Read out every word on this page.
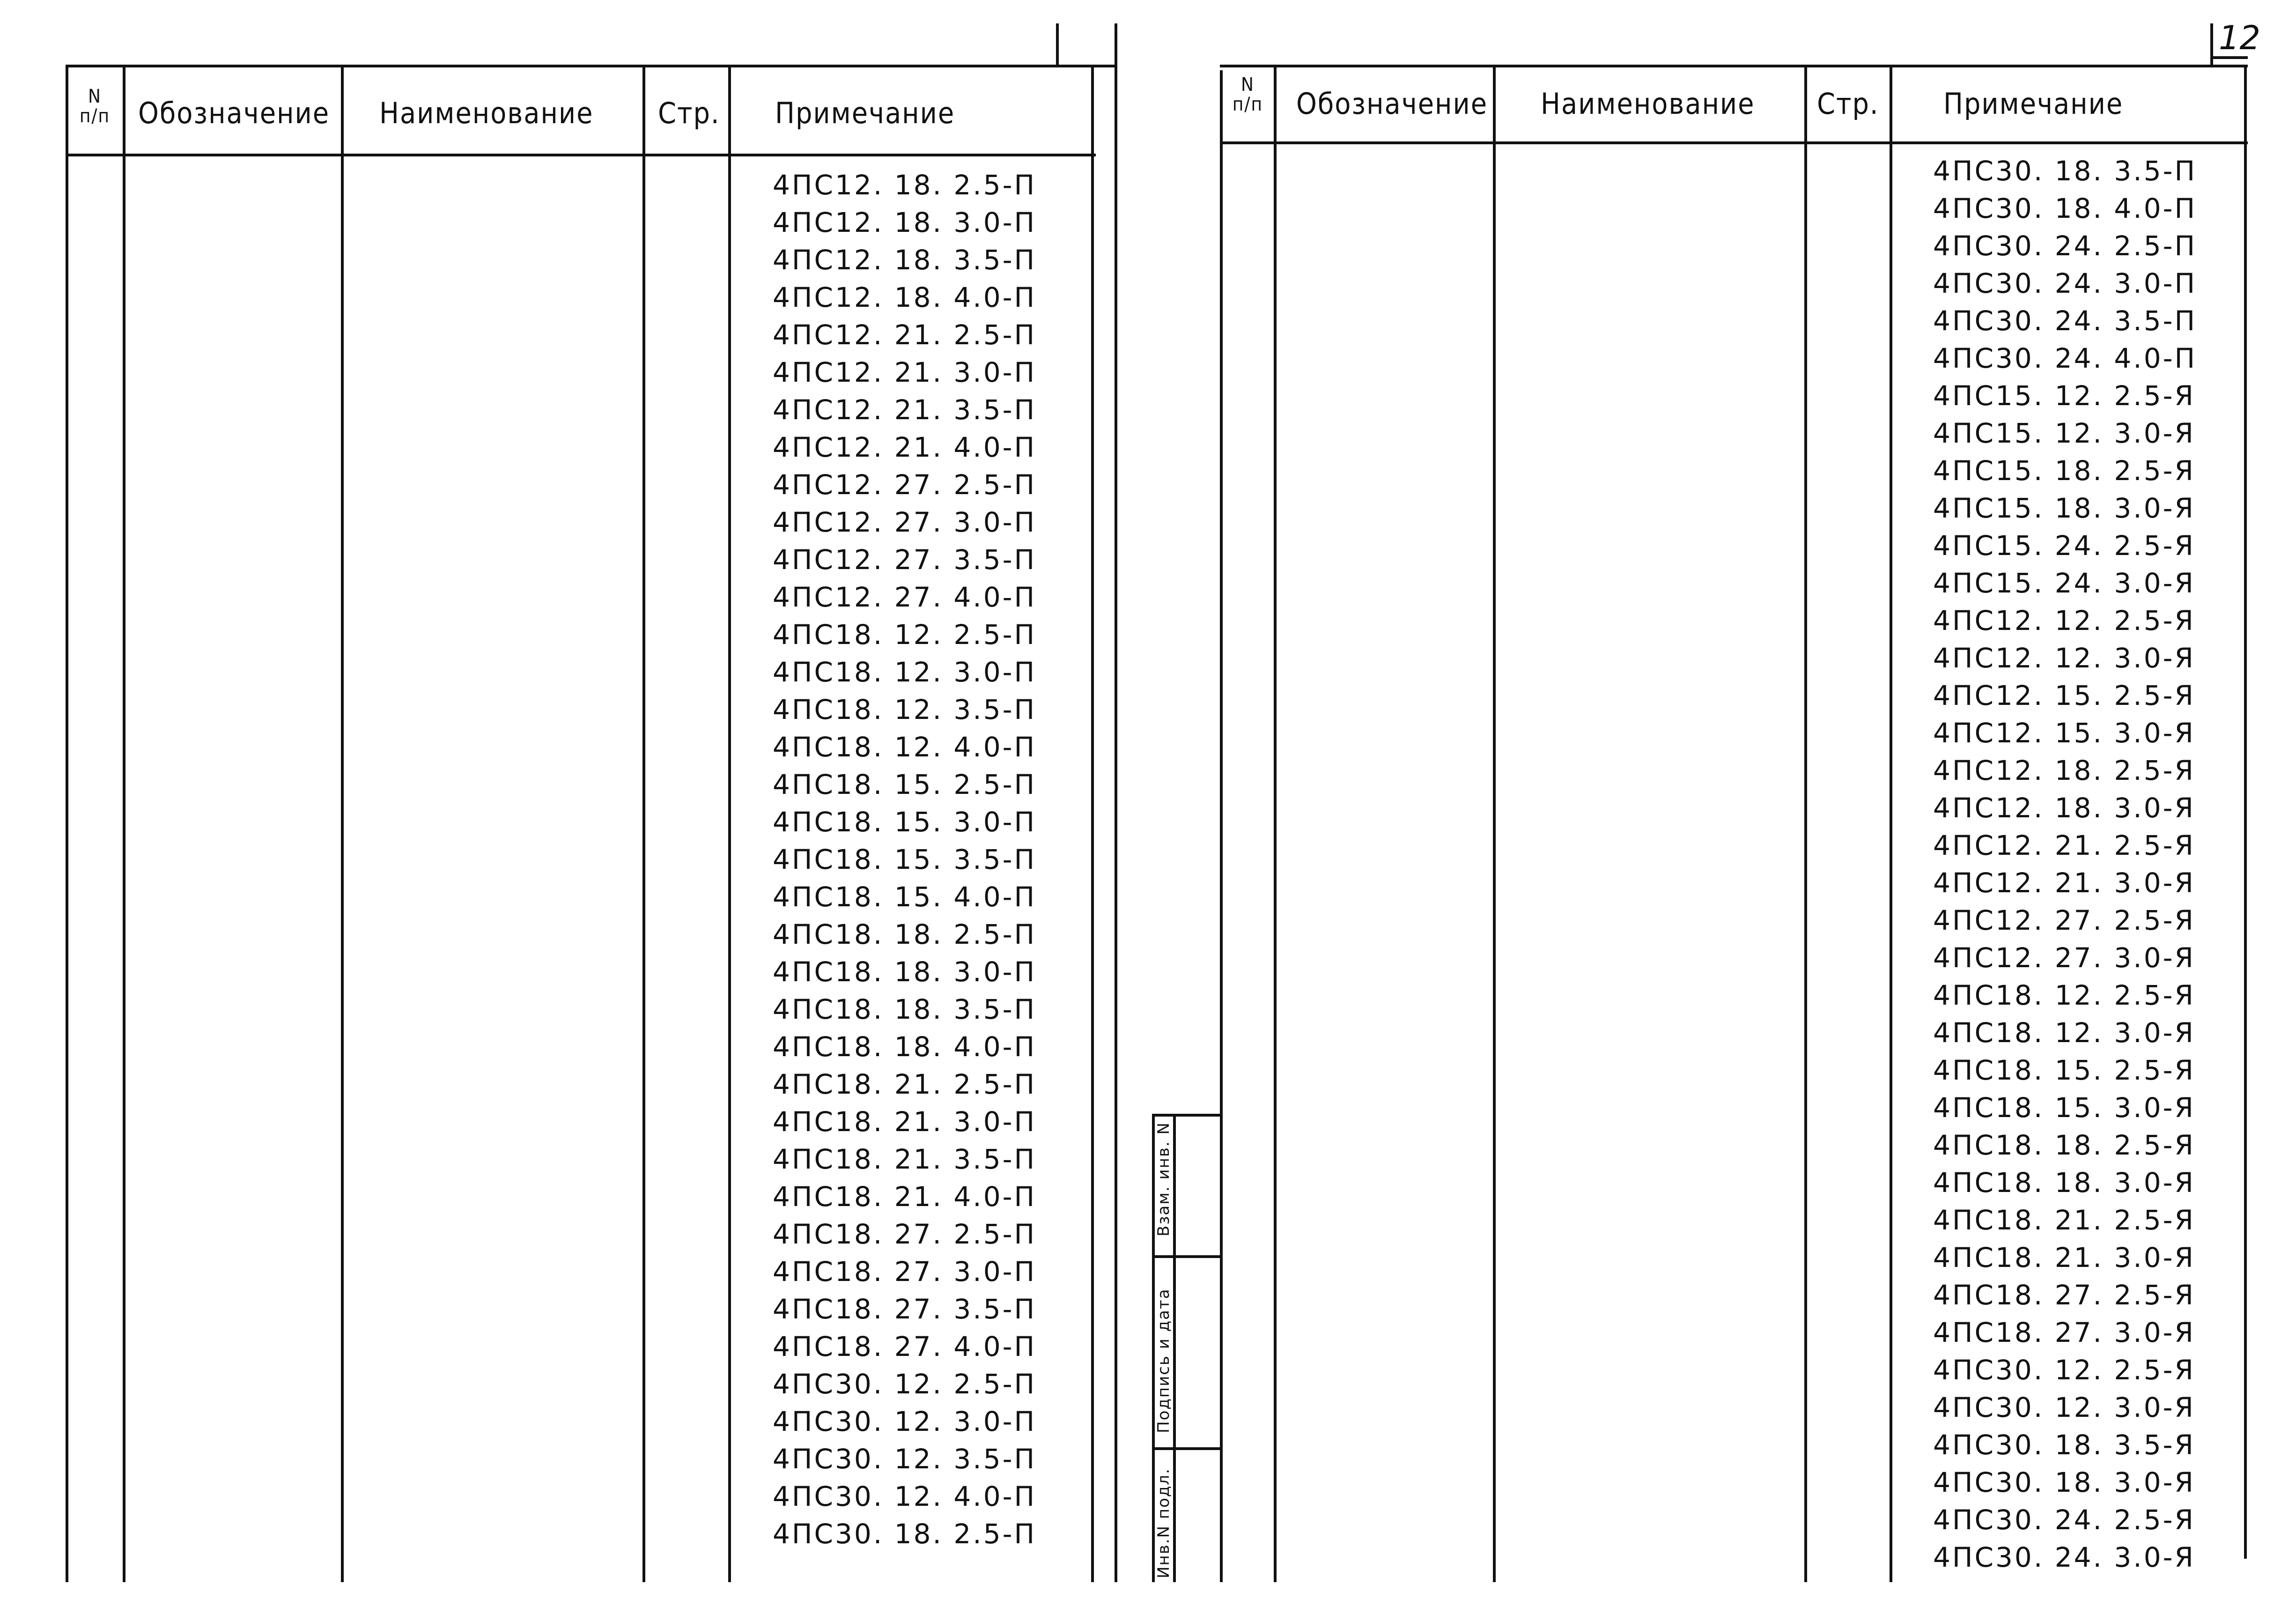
N
п/п Обозначение Наименование Стр. Примечание
4ПС12. 18. 2.5-П
4ПС12. 18. 3.0-П
4ПС12. 18. 3.5-П
4ПС12. 18. 4.0-П
4ПС12. 21. 2.5-П
4ПС12. 21. 3.0-П
4ПС12. 21. 3.5-П
4ПС12. 21. 4.0-П
4ПС12. 27. 2.5-П
4ПС12. 27. 3.0-П
4ПС12. 27. 3.5-П
4ПС12. 27. 4.0-П
4ПС18. 12. 2.5-П
4ПС18. 12. 3.0-П
4ПС18. 12. 3.5-П
4ПС18. 12. 4.0-П
4ПС18. 15. 2.5-П
4ПС18. 15. 3.0-П
4ПС18. 15. 3.5-П
4ПС18. 15. 4.0-П
4ПС18. 18. 2.5-П
4ПС18. 18. 3.0-П
4ПС18. 18. 3.5-П
4ПС18. 18. 4.0-П
4ПС18. 21. 2.5-П
4ПС18. 21. 3.0-П
4ПС18. 21. 3.5-П
4ПС18. 21. 4.0-П
4ПС18. 27. 2.5-П
4ПС18. 27. 3.0-П
4ПС18. 27. 3.5-П
4ПС18. 27. 4.0-П
4ПС30. 12. 2.5-П
4ПС30. 12. 3.0-П
4ПС30. 12. 3.5-П
4ПС30. 12. 4.0-П
4ПС30. 18. 2.5-П
Взам. инв. N
Подпись и дата
Инв.N подл.
12
N
п/п	Обозначение Наименование Стр. Примечание
4ПС30. 18. 3.5-П
4ПС30. 18. 4.0-П
4ПС30. 24. 2.5-П
4ПС30. 24. 3.0-П
4ПС30. 24. 3.5-П
4ПС30. 24. 4.0-П
4ПС15. 12. 2.5-Я
4ПС15. 12. 3.0-Я
4ПС15. 18. 2.5-Я
4ПС15. 18. 3.0-Я
4ПС15. 24. 2.5-Я
4ПС15. 24. 3.0-Я
4ПС12. 12. 2.5-Я
4ПС12. 12. 3.0-Я
4ПС12. 15. 2.5-Я
4ПС12. 15. 3.0-Я
4ПС12. 18. 2.5-Я
4ПС12. 18. 3.0-Я
4ПС12. 21. 2.5-Я
4ПС12. 21. 3.0-Я
4ПС12. 27. 2.5-Я
4ПС12. 27. 3.0-Я
4ПС18. 12. 2.5-Я
4ПС18. 12. 3.0-Я
4ПС18. 15. 2.5-Я
4ПС18. 15. 3.0-Я
4ПС18. 18. 2.5-Я
4ПС18. 18. 3.0-Я
4ПС18. 21. 2.5-Я
4ПС18. 21. 3.0-Я
4ПС18. 27. 2.5-Я
4ПС18. 27. 3.0-Я
4ПС30. 12. 2.5-Я
4ПС30. 12. 3.0-Я
4ПС30. 18. 3.5-Я
4ПС30. 18. 3.0-Я
4ПС30. 24. 2.5-Я
4ПС30. 24. 3.0-Я
